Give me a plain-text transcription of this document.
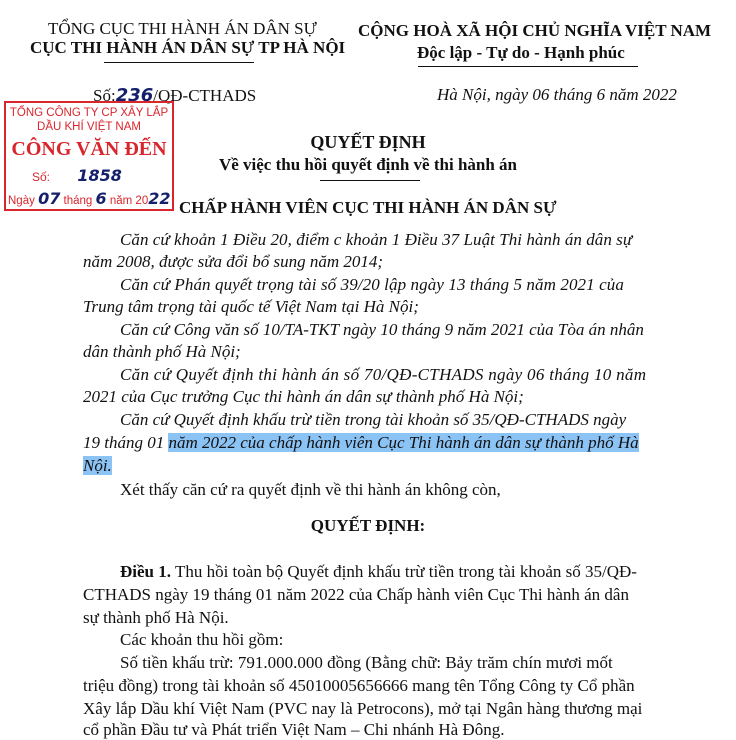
TỔNG CỤC THI HÀNH ÁN DÂN SỰ
CỤC THI HÀNH ÁN DÂN SỰ TP HÀ NỘI
CỘNG HOÀ XÃ HỘI CHỦ NGHĨA VIỆT NAM
Độc lập - Tự do - Hạnh phúc
Số:236/QĐ-CTHADS	Hà Nội, ngày 06 tháng 6 năm 2022
TỔNG CÔNG TY CP XÂY LẮP
DẦU KHÍ VIỆT NAM
CÔNG VĂN ĐẾN
Số: 1858
Ngày 07 tháng 6 năm 2022
QUYẾT ĐỊNH
Về việc thu hồi quyết định về thi hành án
CHẤP HÀNH VIÊN CỤC THI HÀNH ÁN DÂN SỰ
Căn cứ khoản 1 Điều 20, điểm c khoản 1 Điều 37 Luật Thi hành án dân sự
năm 2008, được sửa đổi bổ sung năm 2014;
Căn cứ Phán quyết trọng tài số 39/20 lập ngày 13 tháng 5 năm 2021 của
Trung tâm trọng tài quốc tế Việt Nam tại Hà Nội;
Căn cứ Công văn số 10/TA-TKT ngày 10 tháng 9 năm 2021 của Tòa án nhân
dân thành phố Hà Nội;
Căn cứ Quyết định thi hành án số 70/QĐ-CTHADS ngày 06 tháng 10 năm
2021 của Cục trưởng Cục thi hành án dân sự thành phố Hà Nội;
Căn cứ Quyết định khấu trừ tiền trong tài khoản số 35/QĐ-CTHADS ngày
19 tháng 01 năm 2022 của chấp hành viên Cục Thi hành án dân sự thành phố Hà
Nội.
Xét thấy căn cứ ra quyết định về thi hành án không còn,
QUYẾT ĐỊNH:
Điều 1. Thu hồi toàn bộ Quyết định khấu trừ tiền trong tài khoản số 35/QĐ-
CTHADS ngày 19 tháng 01 năm 2022 của Chấp hành viên Cục Thi hành án dân
sự thành phố Hà Nội.
Các khoản thu hồi gồm:
Số tiền khấu trừ: 791.000.000 đồng (Bằng chữ: Bảy trăm chín mươi mốt
triệu đồng) trong tài khoản số 45010005656666 mang tên Tổng Công ty Cổ phần
Xây lắp Dầu khí Việt Nam (PVC nay là Petrocons), mở tại Ngân hàng thương mại
cổ phần Đầu tư và Phát triển Việt Nam – Chi nhánh Hà Đông.
